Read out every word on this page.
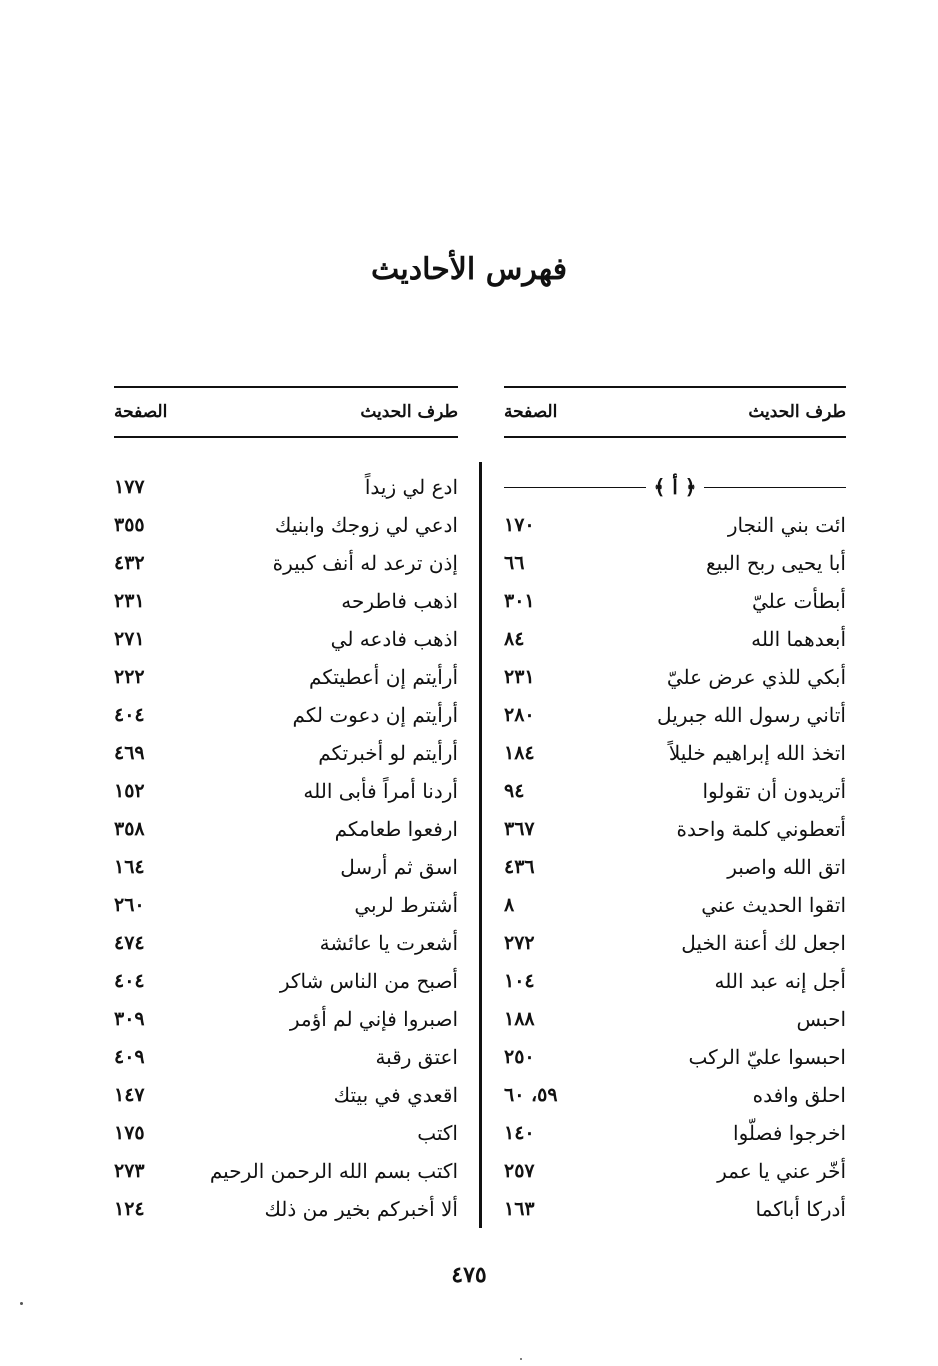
فهرس الأحاديث
طرف الحديث
الصفحة
﴿ أ ﴾
ائت بني النجار
١٧٠
أبا يحيى ربح البيع
٦٦
أبطأت عليّ
٣٠١
أبعدهما الله
٨٤
أبكي للذي عرض عليّ
٢٣١
أتاني رسول الله جبريل
٢٨٠
اتخذ الله إبراهيم خليلاً
١٨٤
أتريدون أن تقولوا
٩٤
أتعطوني كلمة واحدة
٣٦٧
اتق الله واصبر
٤٣٦
اتقوا الحديث عني
٨
اجعل لك أعنة الخيل
٢٧٢
أجل إنه عبد الله
١٠٤
احبس
١٨٨
احبسوا عليّ الركب
٢٥٠
احلق وافده
٥٩، ٦٠
اخرجوا فصلّوا
١٤٠
أخّر عني يا عمر
٢٥٧
أدركا أباكما
١٦٣
طرف الحديث
الصفحة
ادع لي زيداً
١٧٧
ادعي لي زوجك وابنيك
٣٥٥
إذن ترعد له أنف كبيرة
٤٣٢
اذهب فاطرحه
٢٣١
اذهب فادعه لي
٢٧١
أرأيتم إن أعطيتكم
٢٢٢
أرأيتم إن دعوت لكم
٤٠٤
أرأيتم لو أخبرتكم
٤٦٩
أردنا أمراً فأبى الله
١٥٢
ارفعوا طعامكم
٣٥٨
اسق ثم أرسل
١٦٤
أشترط لربي
٢٦٠
أشعرت يا عائشة
٤٧٤
أصبح من الناس شاكر
٤٠٤
اصبروا فإني لم أؤمر
٣٠٩
اعتق رقبة
٤٠٩
اقعدي في بيتك
١٤٧
اكتب
١٧٥
اكتب بسم الله الرحمن الرحيم
٢٧٣
ألا أخبركم بخير من ذلك
١٢٤
٤٧٥
